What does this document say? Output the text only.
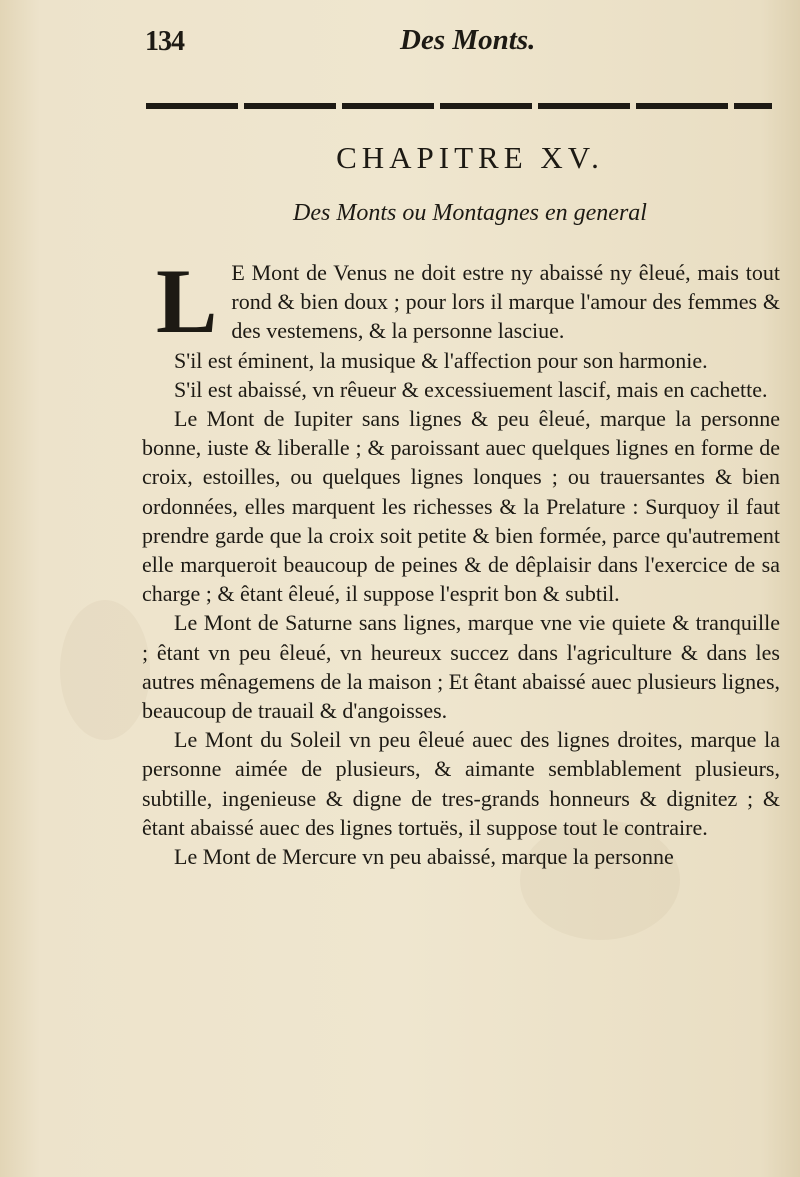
134	Des Monts.
CHAPITRE XV.
Des Monts ou Montagnes en general

L E Mont de Venus ne doit estre ny abaissé ny êleué, mais tout rond & bien doux ; pour lors il marque l'amour des femmes & des vestemens, & la personne lasciue.

S'il est éminent, la musique & l'affection pour son harmonie.

S'il est abaissé, vn rêueur & excessiuement lascif, mais en cachette.

Le Mont de Iupiter sans lignes & peu êleué, marque la personne bonne, iuste & liberalle ; & paroissant auec quelques lignes en forme de croix, estoilles, ou quelques lignes lonques ; ou trauersantes & bien ordonnées, elles marquent les richesses & la Prelature : Surquoy il faut prendre garde que la croix soit petite & bien formée, parce qu'autrement elle marqueroit beaucoup de peines & de dêplaisir dans l'exercice de sa charge ; & êtant êleué, il suppose l'esprit bon & subtil.

Le Mont de Saturne sans lignes, marque vne vie quiete & tranquille ; êtant vn peu êleué, vn heureux succez dans l'agriculture & dans les autres mênagemens de la maison ; Et êtant abaissé auec plusieurs lignes, beaucoup de trauail & d'angoisses.

Le Mont du Soleil vn peu êleué auec des lignes droites, marque la personne aimée de plusieurs, & aimante semblablement plusieurs, subtille, ingenieuse & digne de tres-grands honneurs & dignitez ; & êtant abaissé auec des lignes tortuës, il suppose tout le contraire.

Le Mont de Mercure vn peu abaissé, marque la personne
